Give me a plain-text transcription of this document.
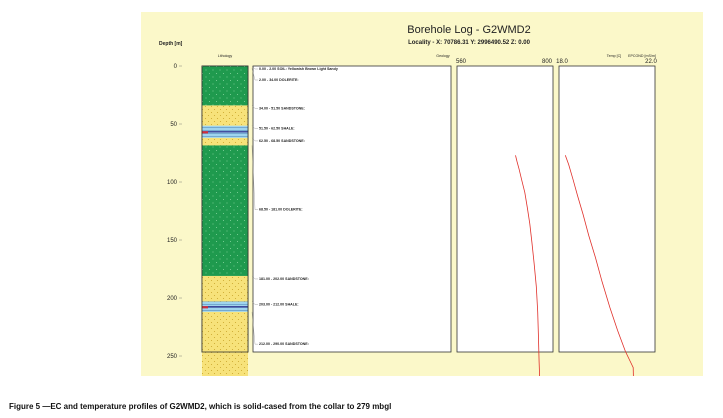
0
50
100
150
200
250
0.00 - 2.00 SOIL: Yellowish Brown Light Sandy
2.00 - 34.00 DOLERITE:
34.00 - 51.50 SANDSTONE:
51.50 - 62.50 SHALE:
62.50 - 68.50 SANDSTONE:
68.50 - 181.00 DOLERITE:
181.00 - 202.00 SANDSTONE:
203.00 - 212.00 SHALE:
212.00 - 290.00 SANDSTONE:
560	800 18.0	22.0
Borehole Log - G2WMD2
Locality - X: 70786.31 Y: 2996490.52 Z: 0.00
Depth [m]
Lithology	Geology	EPCOND [mS/m]
Temp [C]
Figure 5 —EC and temperature profiles of G2WMD2, which is solid-cased from the collar to 279 mbgl
